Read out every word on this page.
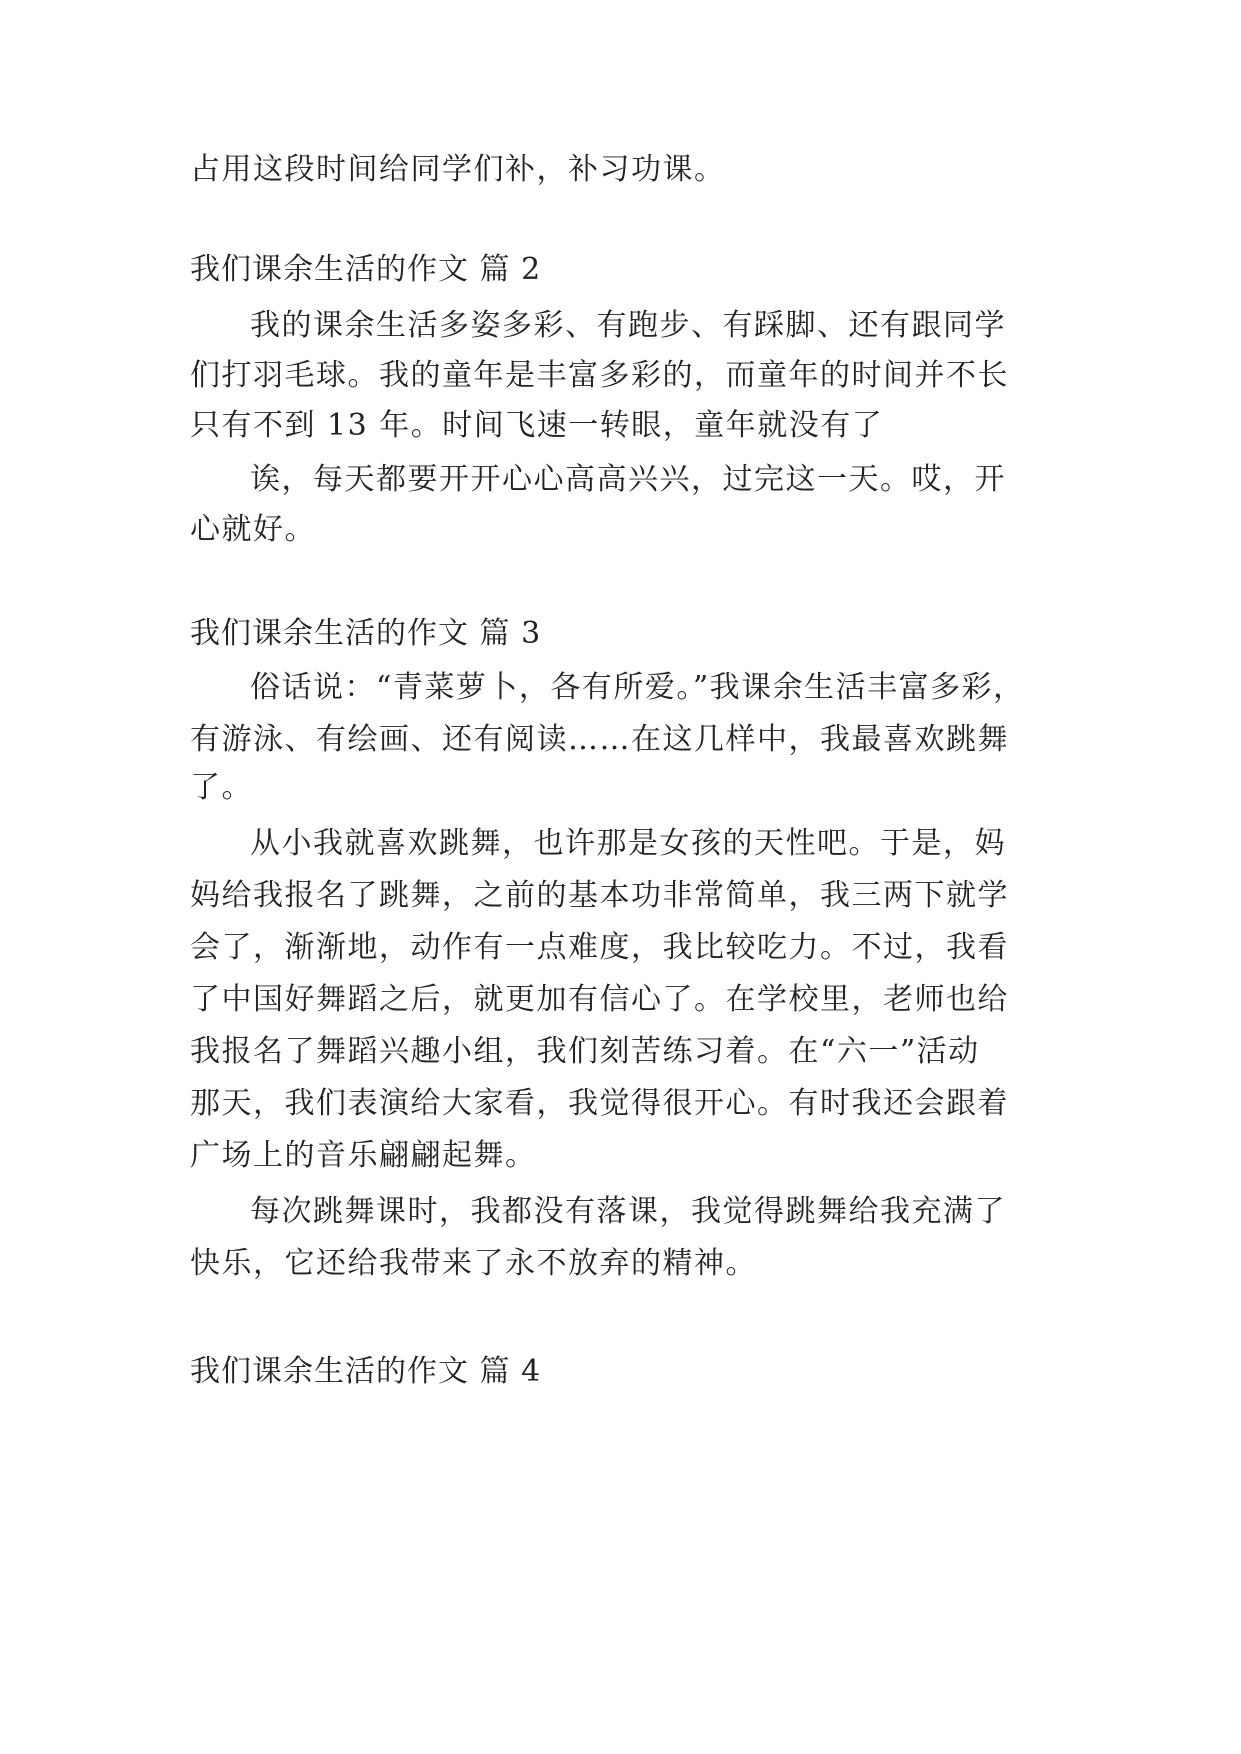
占用这段时间给同学们补，补习功课。
我们课余生活的作文 篇 2
我的课余生活多姿多彩、有跑步、有踩脚、还有跟同学
们打羽毛球。我的童年是丰富多彩的，而童年的时间并不长
只有不到 13 年。时间飞速一转眼，童年就没有了
诶，每天都要开开心心高高兴兴，过完这一天。哎，开
心就好。
我们课余生活的作文 篇 3
俗话说：“青菜萝卜，各有所爱。”我课余生活丰富多彩，
有游泳、有绘画、还有阅读……在这几样中，我最喜欢跳舞
了。
从小我就喜欢跳舞，也许那是女孩的天性吧。于是，妈
妈给我报名了跳舞，之前的基本功非常简单，我三两下就学
会了，渐渐地，动作有一点难度，我比较吃力。不过，我看
了中国好舞蹈之后，就更加有信心了。在学校里，老师也给
我报名了舞蹈兴趣小组，我们刻苦练习着。在“六一”活动
那天，我们表演给大家看，我觉得很开心。有时我还会跟着
广场上的音乐翩翩起舞。
每次跳舞课时，我都没有落课，我觉得跳舞给我充满了
快乐，它还给我带来了永不放弃的精神。
我们课余生活的作文 篇 4
